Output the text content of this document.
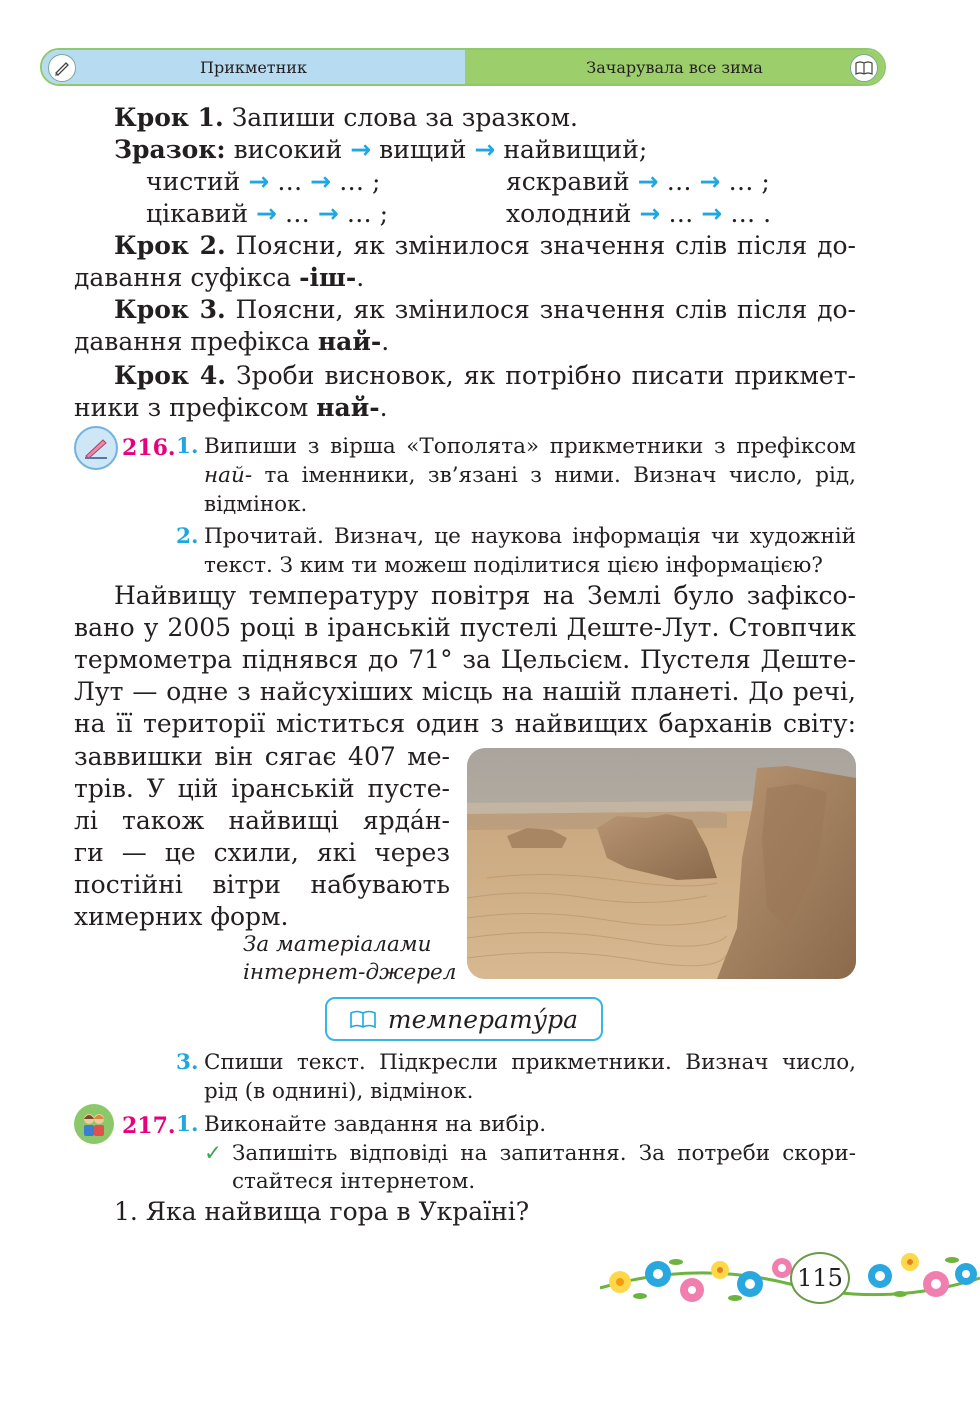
Прикметник	Зачарувала все зима
Крок 1. Запиши слова за зразком.
Зразок: високий → вищий → найвищий;
чистий → … → … ;	яскравий → … → … ;
цікавий → … → … ;	холодний → … → … .
Крок 2. Поясни, як змінилося значення слів після до-
давання суфікса -іш-.
Крок 3. Поясни, як змінилося значення слів після до-
давання префікса най-.
Крок 4. Зроби висновок, як потрібно писати прикмет-
ники з префіксом най-.
216. 1. Випиши з вірша «Тополята» прикметники з префіксом
най- та іменники, зв’язані з ними. Визнач число, рід,
відмінок.
2. Прочитай. Визнач, це наукова інформація чи художній
текст. З ким ти можеш поділитися цією інформацією?
Найвищу температуру повітря на Землі було зафіксо-
вано у 2005 році в іранській пустелі Деште-Лут. Стовпчик
термометра піднявся до 71° за Цельсієм. Пустеля Деште-
Лут — одне з найсухіших місць на нашій планеті. До речі,
на її території міститься один з найвищих барханів світу:
заввишки він сягає 407 ме-
трів. У цій іранській пусте-
лі також найвищі ярда́н-
ги — це схили, які через
постійні вітри набувають
химерних форм.
За матеріалами
інтернет-джерел
температу́ра
3. Спиши текст. Підкресли прикметники. Визнач число,
рід (в однині), відмінок.
217. 1. Виконайте завдання на вибір.
✓ Запишіть відповіді на запитання. За потреби скори-
стайтеся інтернетом.
1. Яка найвища гора в Україні?
115
